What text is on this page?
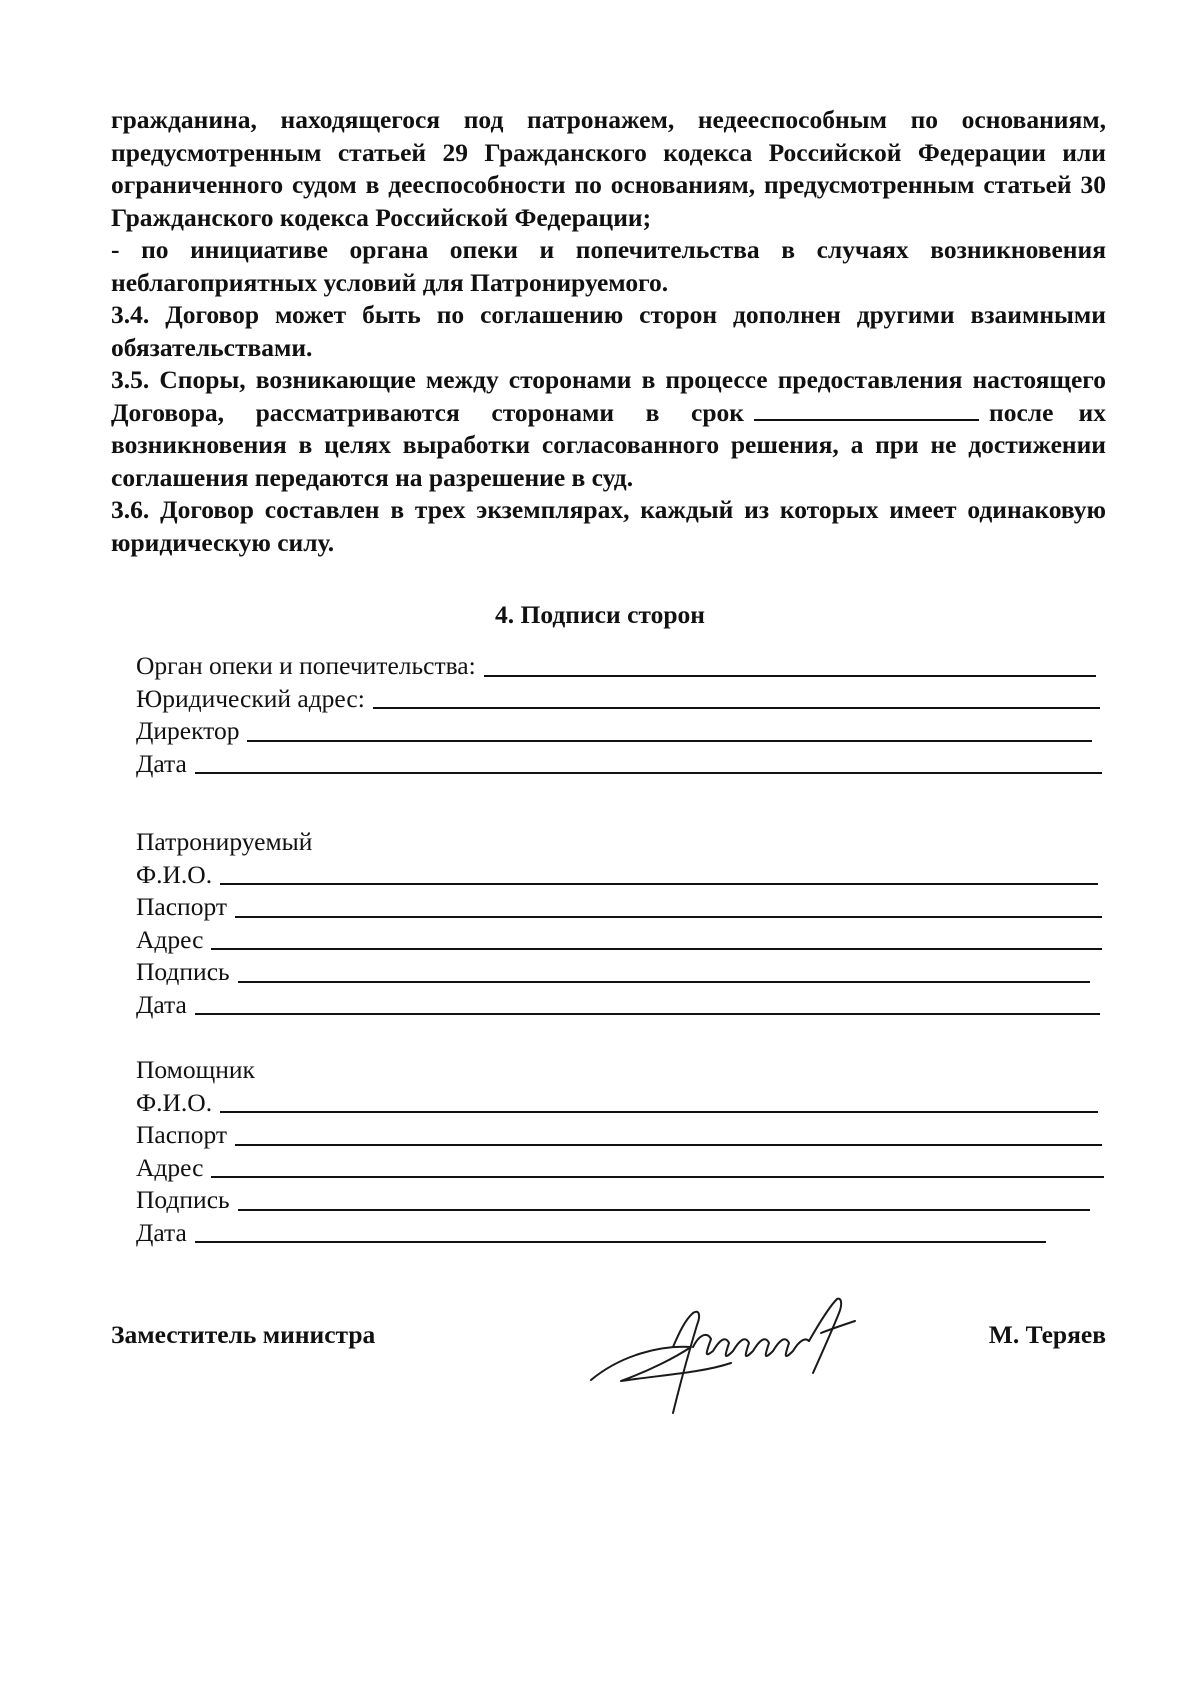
гражданина, находящегося под патронажем, недееспособным по основаниям, предусмотренным статьей 29 Гражданского кодекса Российской Федерации или ограниченного судом в дееспособности по основаниям, предусмотренным статьей 30 Гражданского кодекса Российской Федерации;

- по инициативе органа опеки и попечительства в случаях возникновения неблагоприятных условий для Патронируемого.

3.4. Договор может быть по соглашению сторон дополнен другими взаимными обязательствами.

3.5. Споры, возникающие между сторонами в процессе предоставления настоящего
Договора, рассматриваются сторонами в срок	после их

возникновения в целях выработки согласованного решения, а при не достижении соглашения передаются на разрешение в суд.

3.6. Договор составлен в трех экземплярах, каждый из которых имеет одинаковую юридическую силу.

4. Подписи сторон
Орган опеки и попечительства:
Юридический адрес:
Директор
Дата
Патронируемый
Ф.И.О.
Паспорт
Адрес
Подпись
Дата
Помощник
Ф.И.О.
Паспорт
Адрес
Подпись
Дата
Заместитель министра	М. Теряев
